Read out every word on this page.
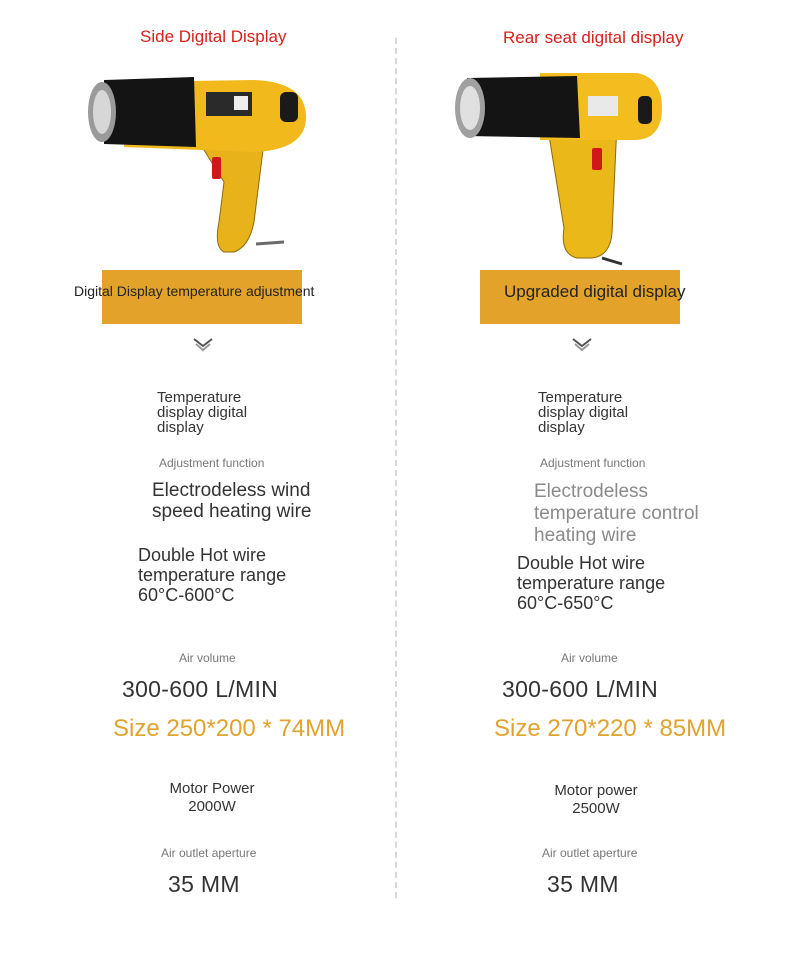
Side Digital Display
Digital Display temperature adjustment
Temperature display digital display
Adjustment function
Electrodeless wind speed heating wire
Double Hot wire temperature range 60°C-600°C
Air volume
300-600 L/MIN
Size 250*200 * 74MM
Motor Power
2000W
Air outlet aperture
35 MM
Rear seat digital display
Upgraded digital display
Temperature display digital display
Adjustment function
Electrodeless temperature control heating wire
Double Hot wire temperature range 60°C-650°C
Air volume
300-600 L/MIN
Size 270*220 * 85MM
Motor power
2500W
Air outlet aperture
35 MM
